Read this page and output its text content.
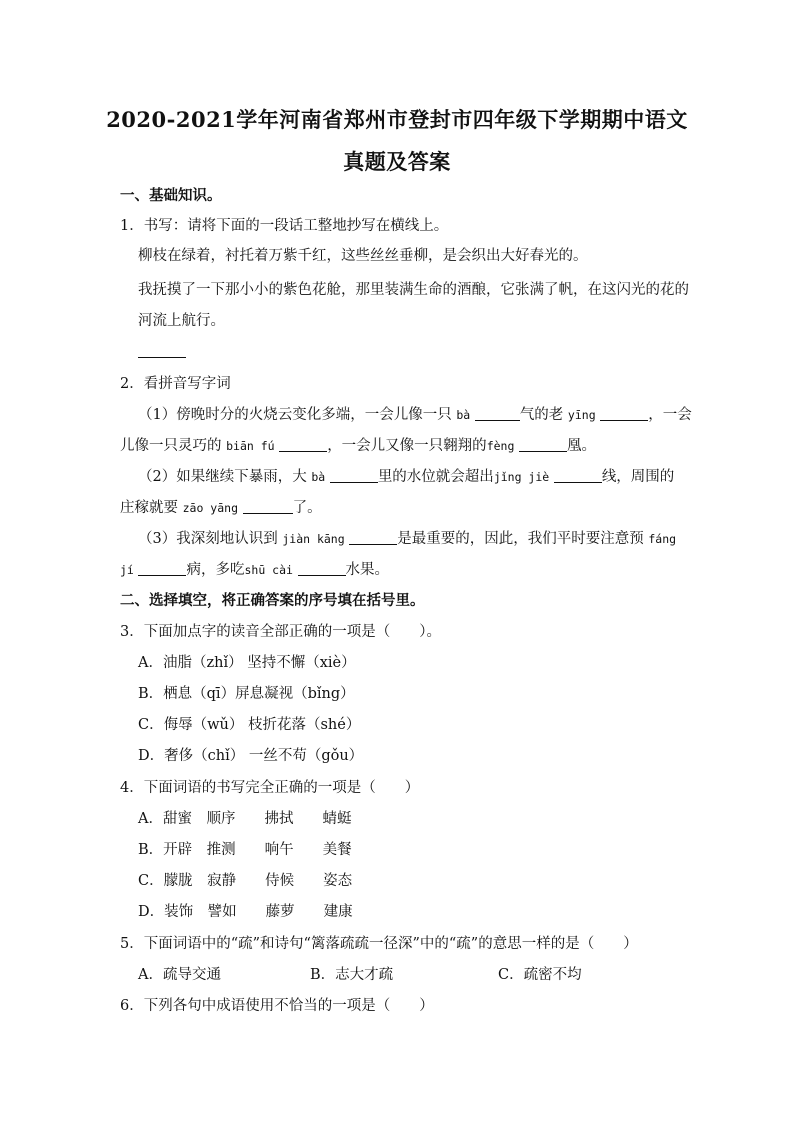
2020-2021学年河南省郑州市登封市四年级下学期期中语文
真题及答案
一、基础知识。
1．书写：请将下面的一段话工整地抄写在横线上。
柳枝在绿着，衬托着万紫千红，这些丝丝垂柳，是会织出大好春光的。
我抚摸了一下那小小的紫色花舱，那里装满生命的酒酿，它张满了帆，在这闪光的花的
河流上航行。
2．看拼音写字词
（1）傍晚时分的火烧云变化多端，一会儿像一只 bà	气的老 yīng	，一会
儿像一只灵巧的 biān fú	，一会儿又像一只翱翔的fèng	凰。
（2）如果继续下暴雨，大 bà	里的水位就会超出jǐng jiè	线，周围的
庄稼就要 zāo yāng	了。
（3）我深刻地认识到 jiàn kāng	是最重要的，因此，我们平时要注意预 fáng
jí	病，多吃shū cài	水果。
二、选择填空，将正确答案的序号填在括号里。
3．下面加点字的读音全部正确的一项是（　　）。
A．油脂（zhǐ） 坚持不懈（xiè）
B．栖息（qī）屏息凝视（bǐng）
C．侮辱（wǔ） 枝折花落（shé）
D．奢侈（chǐ） 一丝不苟（gǒu）
4．下面词语的书写完全正确的一项是（　　）
A．甜蜜　顺序　　拂拭　　蜻蜓
B．开辟　推测　　响午　　美餐
C．朦胧　寂静　　侍候　　姿态
D．装饰　譬如　　藤萝　　建康
5．下面词语中的“疏”和诗句“篱落疏疏一径深”中的“疏”的意思一样的是（　　）
A．疏导交通	B．志大才疏	C．疏密不均
6．下列各句中成语使用不恰当的一项是（　　）
